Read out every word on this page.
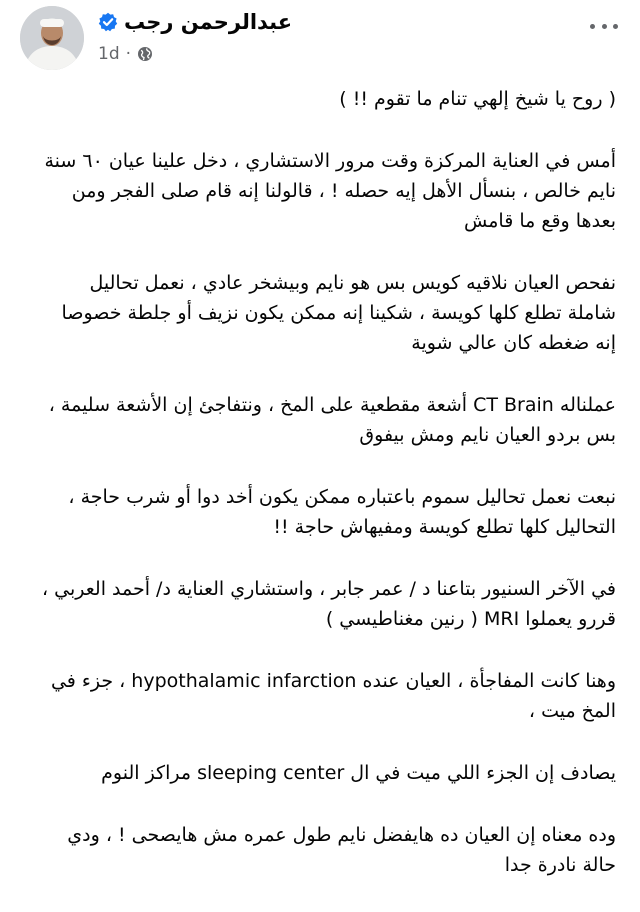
عبدالرحمن رجب
1d ·

( روح يا شيخ إلهي تنام ما تقوم !! )

أمس في العناية المركزة وقت مرور الاستشاري ، دخل علينا عيان ٦٠ سنة نايم خالص ، بنسأل الأهل إيه حصله ! ، قالولنا إنه قام صلى الفجر ومن بعدها وقع ما قامش

نفحص العيان نلاقيه كويس بس هو نايم وبيشخر عادي ، نعمل تحاليل شاملة تطلع كلها كويسة ، شكينا إنه ممكن يكون نزيف أو جلطة خصوصا إنه ضغطه كان عالي شوية

عملناله CT Brain أشعة مقطعية على المخ ، ونتفاجئ إن الأشعة سليمة ، بس بردو العيان نايم ومش بيفوق

نبعت نعمل تحاليل سموم باعتباره ممكن يكون أخد دوا أو شرب حاجة ، التحاليل كلها تطلع كويسة ومفيهاش حاجة !!

في الآخر السنيور بتاعنا د / عمر جابر ، واستشاري العناية د/ أحمد العربي ، قررو يعملوا MRI ( رنين مغناطيسي )

وهنا كانت المفاجأة ، العيان عنده hypothalamic infarction ، جزء في المخ ميت ،

يصادف إن الجزء اللي ميت في ال sleeping center مراكز النوم

وده معناه إن العيان ده هايفضل نايم طول عمره مش هايصحى ! ، ودي حالة نادرة جدا
